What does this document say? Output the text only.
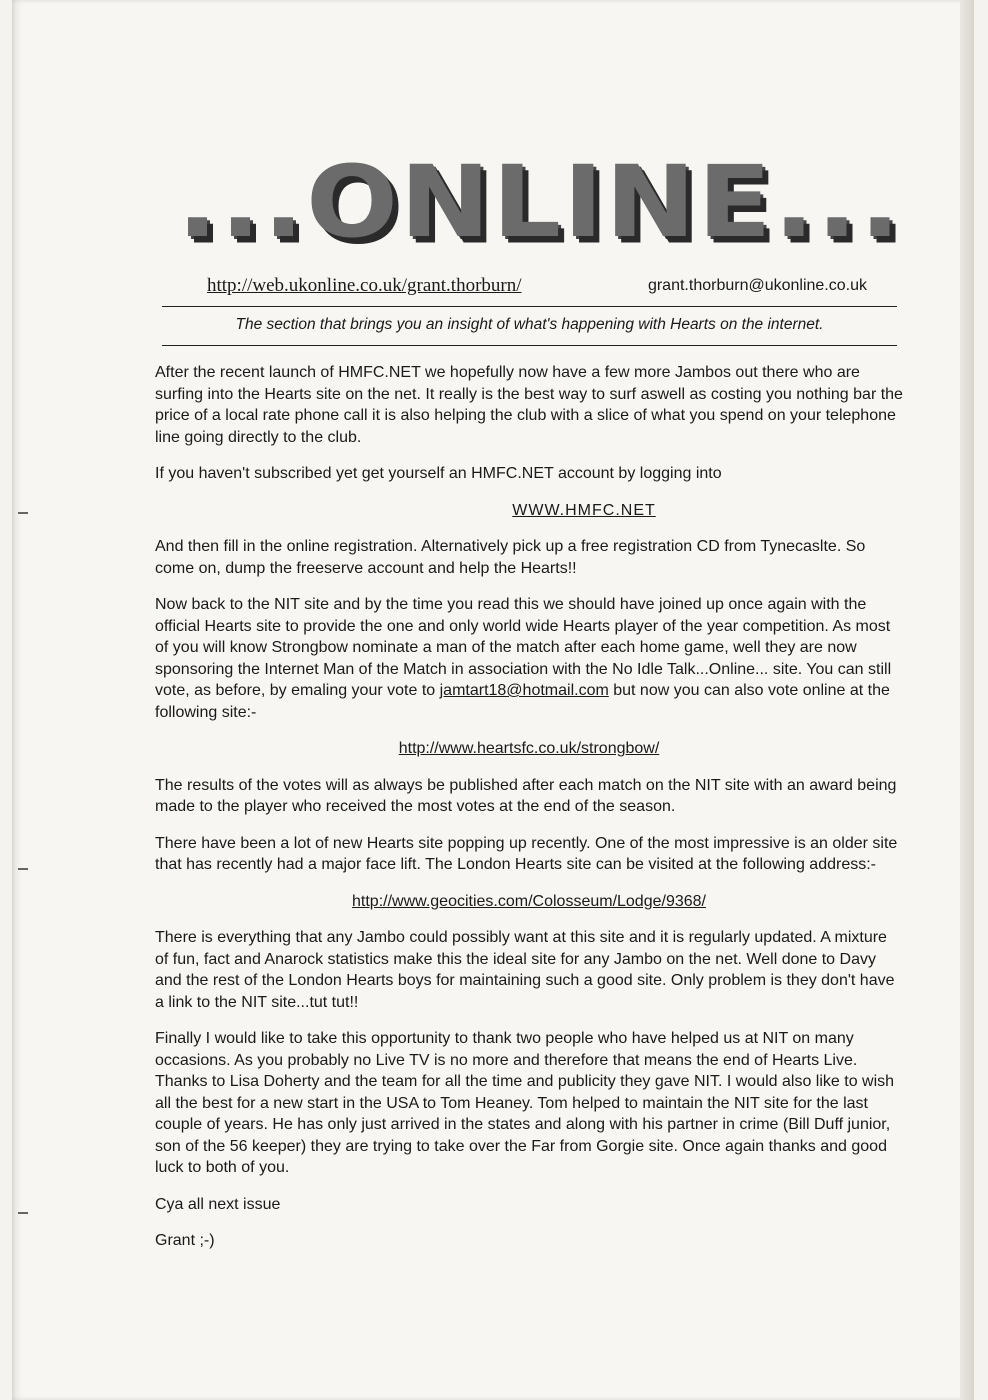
...ONLINE...
http://web.ukonline.co.uk/grant.thorburn/	grant.thorburn@ukonline.co.uk
The section that brings you an insight of what's happening with Hearts on the internet.

After the recent launch of HMFC.NET we hopefully now have a few more Jambos out there who are surfing into the Hearts site on the net. It really is the best way to surf aswell as costing you nothing bar the price of a local rate phone call it is also helping the club with a slice of what you spend on your telephone line going directly to the club.

If you haven't subscribed yet get yourself an HMFC.NET account by logging into

WWW.HMFC.NET

And then fill in the online registration. Alternatively pick up a free registration CD from Tynecaslte. So come on, dump the freeserve account and help the Hearts!!

Now back to the NIT site and by the time you read this we should have joined up once again with the official Hearts site to provide the one and only world wide Hearts player of the year competition. As most of you will know Strongbow nominate a man of the match after each home game, well they are now sponsoring the Internet Man of the Match in association with the No Idle Talk...Online... site. You can still vote, as before, by emaling your vote to jamtart18@hotmail.com but now you can also vote online at the following site:-

http://www.heartsfc.co.uk/strongbow/

The results of the votes will as always be published after each match on the NIT site with an award being made to the player who received the most votes at the end of the season.

There have been a lot of new Hearts site popping up recently. One of the most impressive is an older site that has recently had a major face lift. The London Hearts site can be visited at the following address:-

http://www.geocities.com/Colosseum/Lodge/9368/

There is everything that any Jambo could possibly want at this site and it is regularly updated. A mixture of fun, fact and Anarock statistics make this the ideal site for any Jambo on the net. Well done to Davy and the rest of the London Hearts boys for maintaining such a good site. Only problem is they don't have a link to the NIT site...tut tut!!

Finally I would like to take this opportunity to thank two people who have helped us at NIT on many occasions. As you probably no Live TV is no more and therefore that means the end of Hearts Live. Thanks to Lisa Doherty and the team for all the time and publicity they gave NIT. I would also like to wish all the best for a new start in the USA to Tom Heaney. Tom helped to maintain the NIT site for the last couple of years. He has only just arrived in the states and along with his partner in crime (Bill Duff junior, son of the 56 keeper) they are trying to take over the Far from Gorgie site. Once again thanks and good luck to both of you.

Cya all next issue

Grant ;-)
